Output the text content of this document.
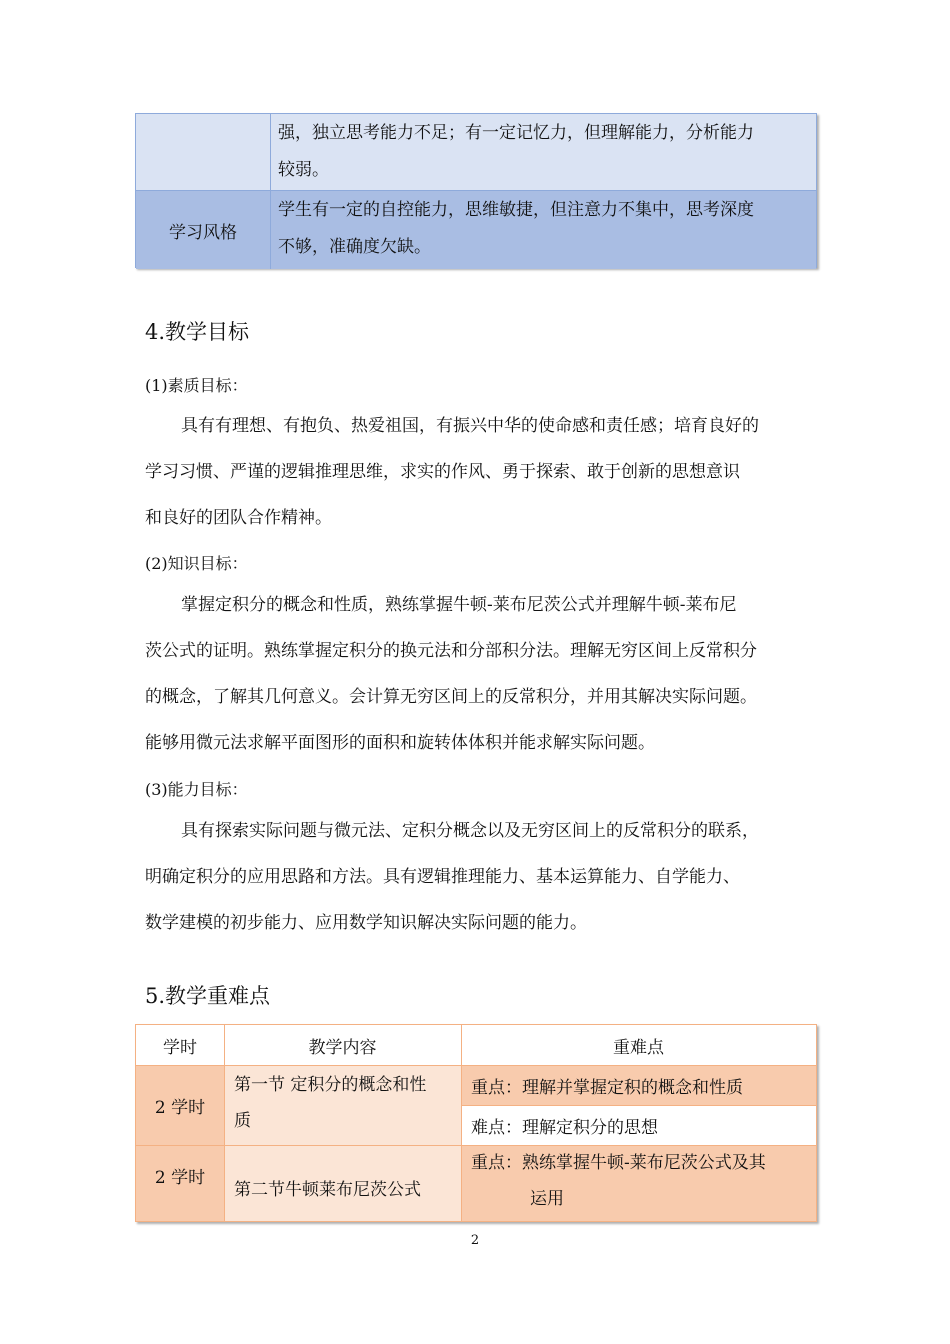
强，独立思考能力不足；有一定记忆力，但理解能力，分析能力
较弱。
学习风格
学生有一定的自控能力，思维敏捷，但注意力不集中，思考深度
不够，准确度欠缺。
4.教学目标
(1)素质目标：
具有有理想、有抱负、热爱祖国，有振兴中华的使命感和责任感；培育良好的
学习习惯、严谨的逻辑推理思维，求实的作风、勇于探索、敢于创新的思想意识
和良好的团队合作精神。
(2)知识目标：
掌握定积分的概念和性质，熟练掌握牛顿-莱布尼茨公式并理解牛顿-莱布尼
茨公式的证明。熟练掌握定积分的换元法和分部积分法。理解无穷区间上反常积分
的概念，了解其几何意义。会计算无穷区间上的反常积分，并用其解决实际问题。
能够用微元法求解平面图形的面积和旋转体体积并能求解实际问题。
(3)能力目标：
具有探索实际问题与微元法、定积分概念以及无穷区间上的反常积分的联系，
明确定积分的应用思路和方法。具有逻辑推理能力、基本运算能力、自学能力、
数学建模的初步能力、应用数学知识解决实际问题的能力。
5.教学重难点
学时	教学内容	重难点
2 学时
第一节 定积分的概念和性
质
重点：理解并掌握定积的概念和性质
难点：理解定积分的思想
2 学时
第二节牛顿莱布尼茨公式
重点：熟练掌握牛顿-莱布尼茨公式及其
运用
2
